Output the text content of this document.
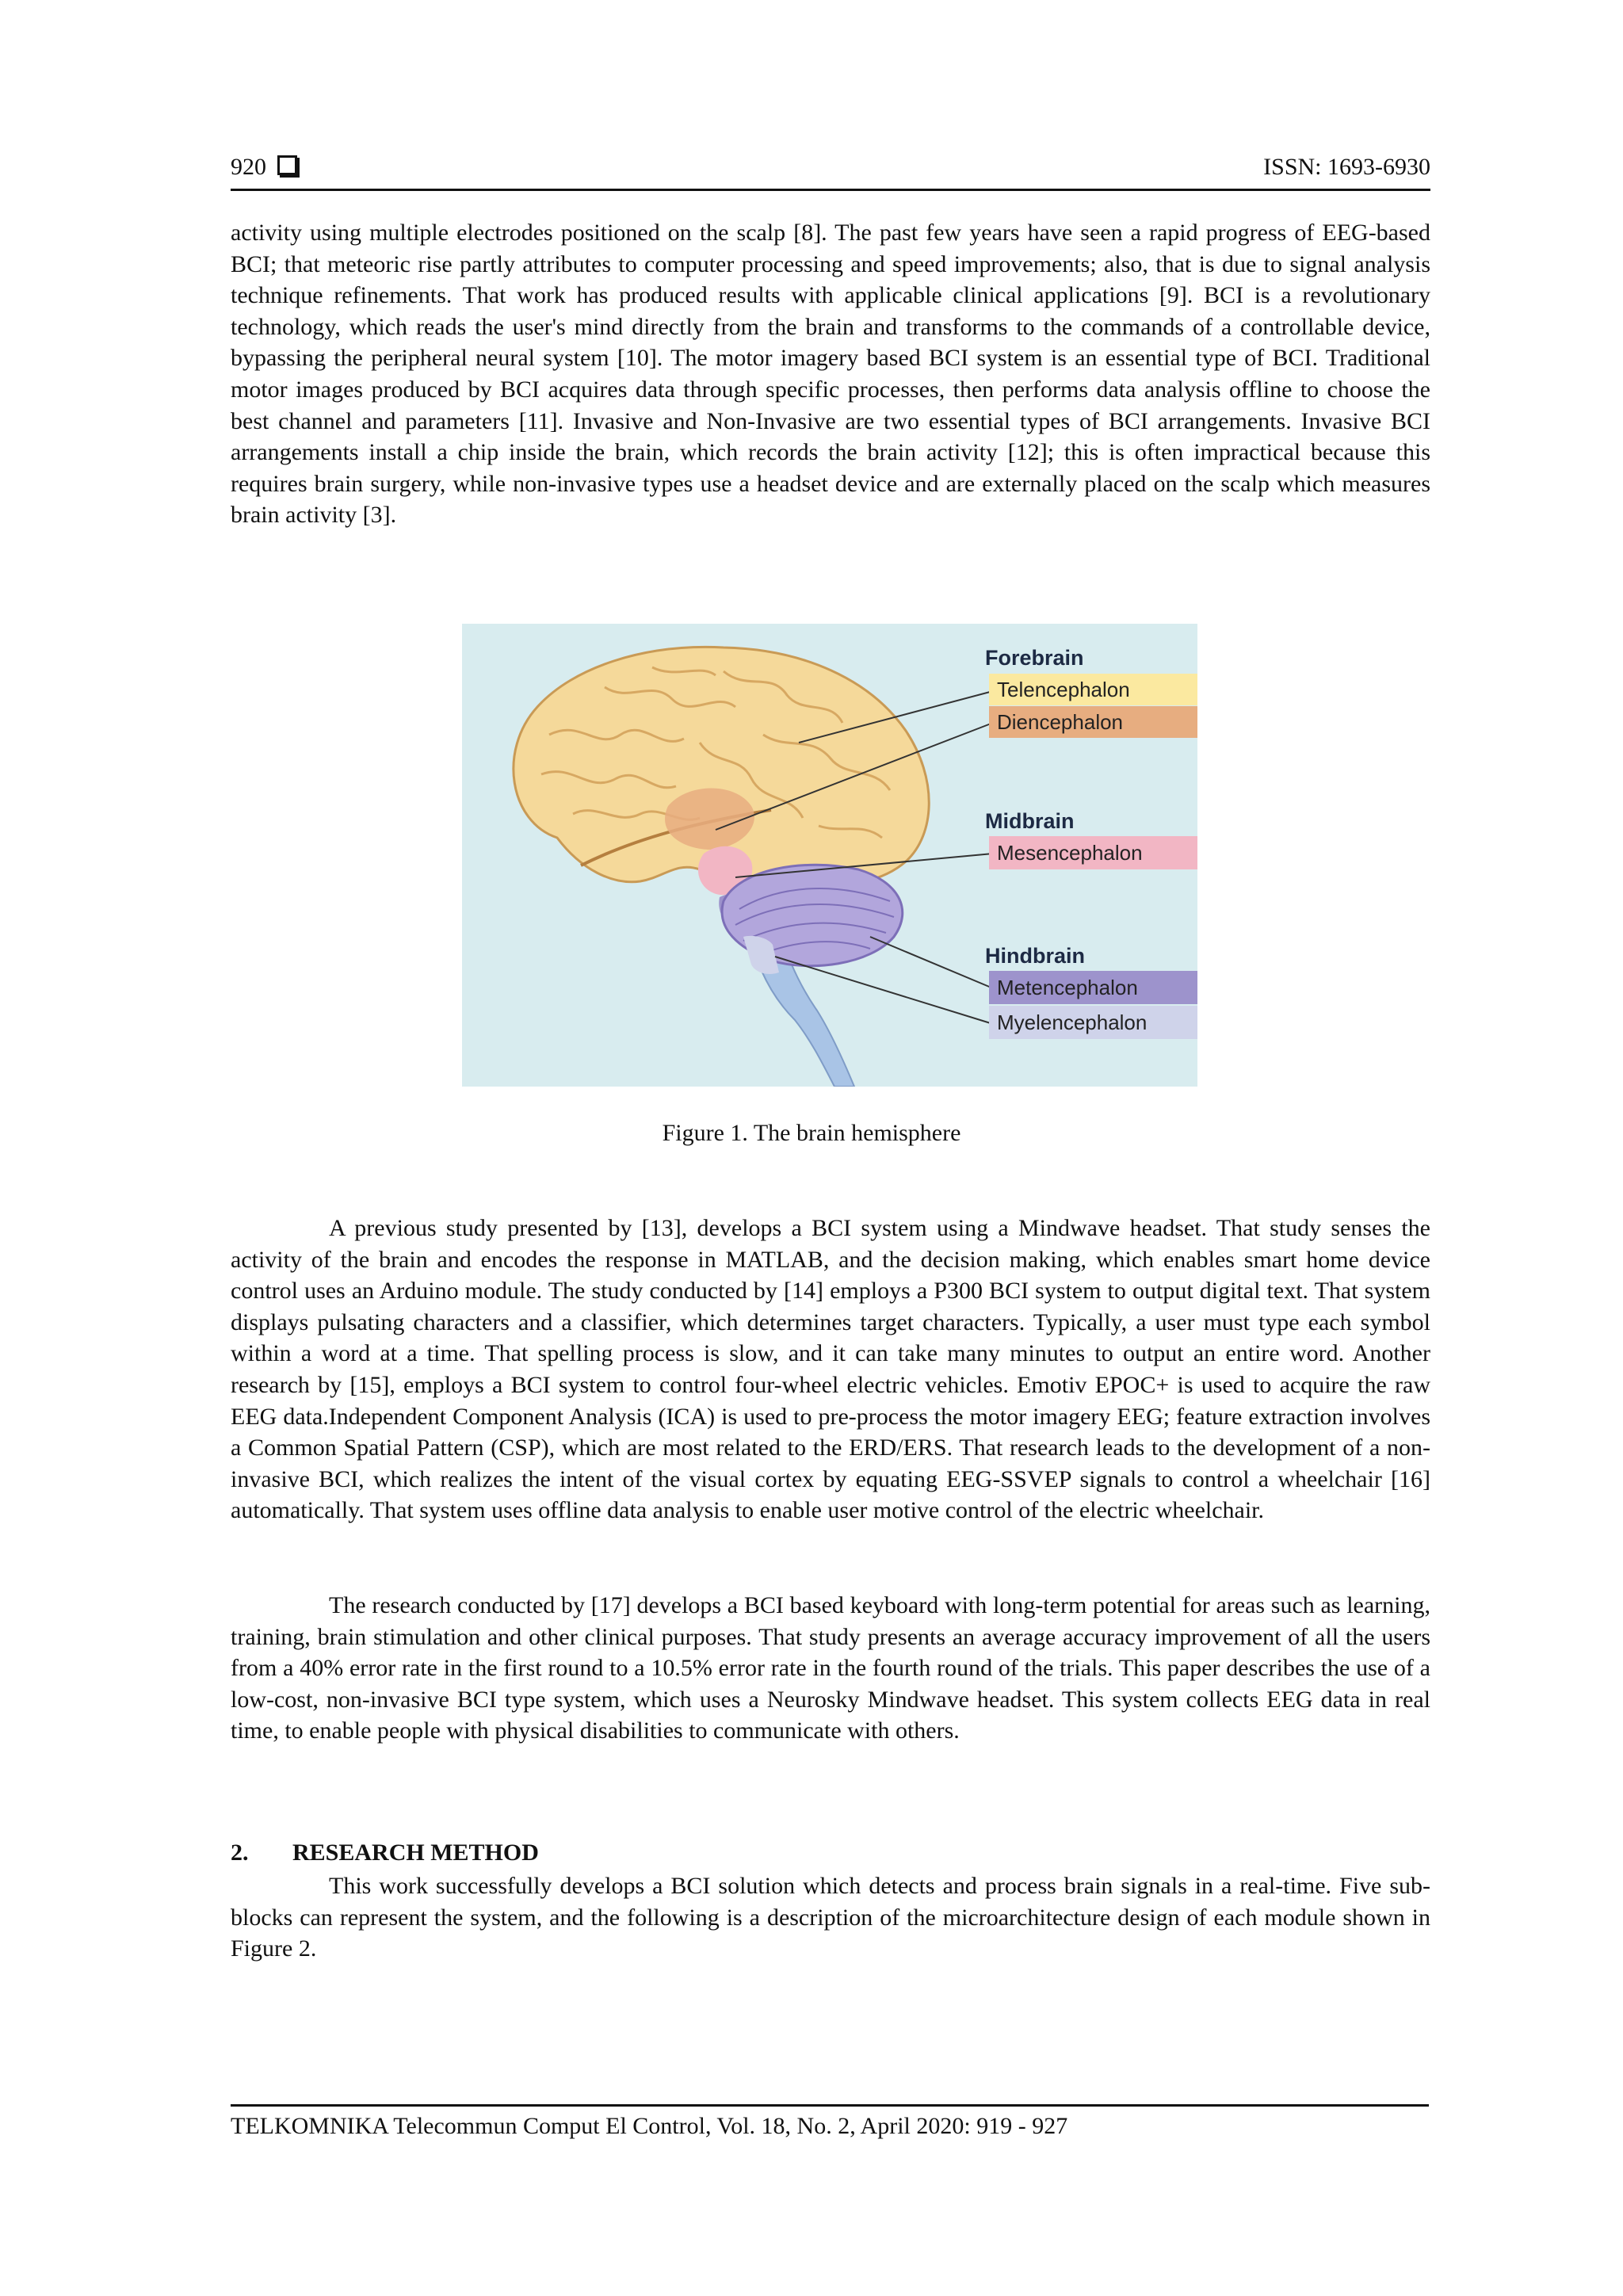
920	ISSN: 1693-6930

activity using multiple electrodes positioned on the scalp [8]. The past few years have seen a rapid progress of EEG-based BCI; that meteoric rise partly attributes to computer processing and speed improvements; also, that is due to signal analysis technique refinements. That work has produced results with applicable clinical applications [9]. BCI is a revolutionary technology, which reads the user's mind directly from the brain and transforms to the commands of a controllable device, bypassing the peripheral neural system [10]. The motor imagery based BCI system is an essential type of BCI. Traditional motor images produced by BCI acquires data through specific processes, then performs data analysis offline to choose the best channel and parameters [11]. Invasive and Non-Invasive are two essential types of BCI arrangements. Invasive BCI arrangements install a chip inside the brain, which records the brain activity [12]; this is often impractical because this requires brain surgery, while non-invasive types use a headset device and are externally placed on the scalp which measures brain activity [3].

Forebrain
Telencephalon
Diencephalon
Midbrain
Mesencephalon
Hindbrain
Metencephalon
Myelencephalon
Figure 1. The brain hemisphere

A previous study presented by [13], develops a BCI system using a Mindwave headset. That study senses the activity of the brain and encodes the response in MATLAB, and the decision making, which enables smart home device control uses an Arduino module. The study conducted by [14] employs a P300 BCI system to output digital text. That system displays pulsating characters and a classifier, which determines target characters. Typically, a user must type each symbol within a word at a time. That spelling process is slow, and it can take many minutes to output an entire word. Another research by [15], employs a BCI system to control four-wheel electric vehicles. Emotiv EPOC+ is used to acquire the raw EEG data.Independent Component Analysis (ICA) is used to pre-process the motor imagery EEG; feature extraction involves a Common Spatial Pattern (CSP), which are most related to the ERD/ERS. That research leads to the development of a non-invasive BCI, which realizes the intent of the visual cortex by equating EEG-SSVEP signals to control a wheelchair [16] automatically. That system uses offline data analysis to enable user motive control of the electric wheelchair.

The research conducted by [17] develops a BCI based keyboard with long-term potential for areas such as learning, training, brain stimulation and other clinical purposes. That study presents an average accuracy improvement of all the users from a 40% error rate in the first round to a 10.5% error rate in the fourth round of the trials. This paper describes the use of a low-cost, non-invasive BCI type system, which uses a Neurosky Mindwave headset. This system collects EEG data in real time, to enable people with physical disabilities to communicate with others.

2. RESEARCH METHOD

This work successfully develops a BCI solution which detects and process brain signals in a real-time. Five sub-blocks can represent the system, and the following is a description of the microarchitecture design of each module shown in Figure 2.

TELKOMNIKA Telecommun Comput El Control, Vol. 18, No. 2, April 2020: 919 - 927
